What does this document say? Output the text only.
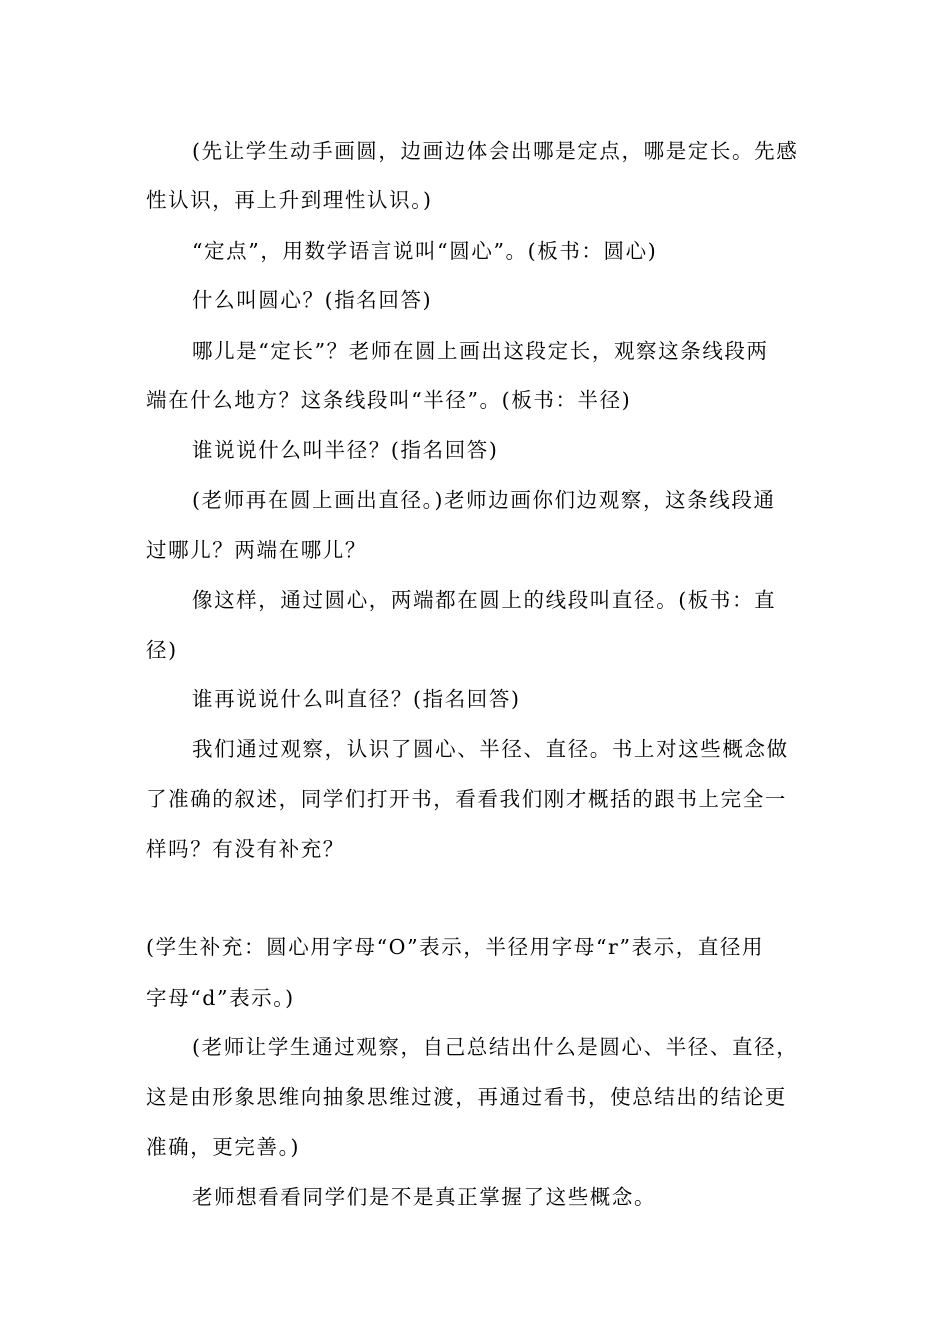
(先让学生动手画圆，边画边体会出哪是定点，哪是定长。先感
性认识，再上升到理性认识。)
“定点”，用数学语言说叫“圆心”。(板书：圆心)
什么叫圆心？(指名回答)
哪儿是“定长”？老师在圆上画出这段定长，观察这条线段两
端在什么地方？这条线段叫“半径”。(板书：半径)
谁说说什么叫半径？(指名回答)
(老师再在圆上画出直径。)老师边画你们边观察，这条线段通
过哪儿？两端在哪儿？
像这样，通过圆心，两端都在圆上的线段叫直径。(板书：直
径)
谁再说说什么叫直径？(指名回答)
我们通过观察，认识了圆心、半径、直径。书上对这些概念做
了准确的叙述，同学们打开书，看看我们刚才概括的跟书上完全一
样吗？有没有补充？
(学生补充：圆心用字母“O”表示，半径用字母“r”表示，直径用
字母“d”表示。)
(老师让学生通过观察，自己总结出什么是圆心、半径、直径，
这是由形象思维向抽象思维过渡，再通过看书，使总结出的结论更
准确，更完善。)
老师想看看同学们是不是真正掌握了这些概念。
